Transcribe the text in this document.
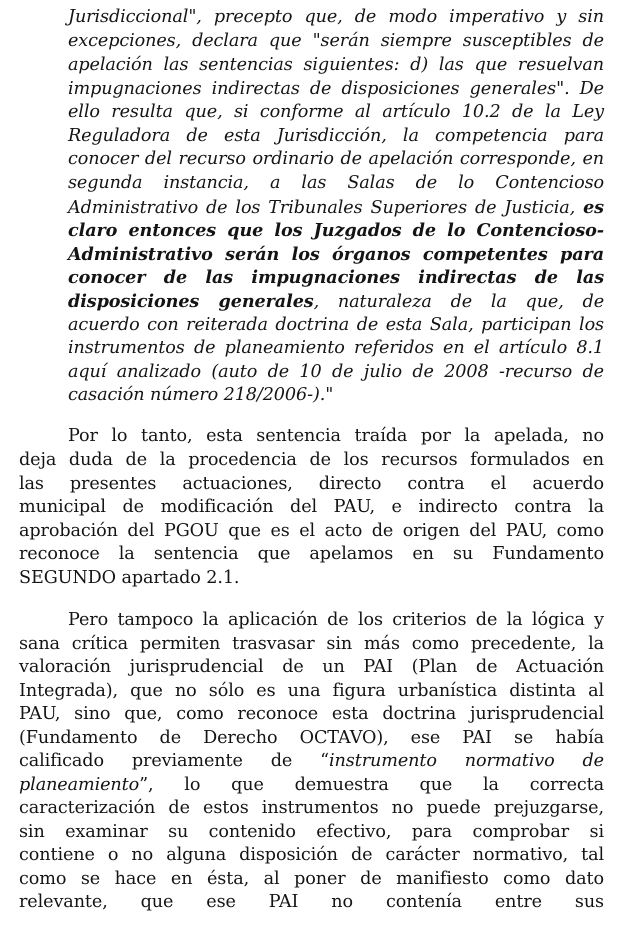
Jurisdiccional", precepto que, de modo imperativo y sin

excepciones, declara que "serán siempre susceptibles de

apelación las sentencias siguientes: d) las que resuelvan

impugnaciones indirectas de disposiciones generales". De

ello resulta que, si conforme al artículo 10.2 de la Ley

Reguladora de esta Jurisdicción, la competencia para

conocer del recurso ordinario de apelación corresponde, en

segunda instancia, a las Salas de lo Contencioso

Administrativo de los Tribunales Superiores de Justicia, es

claro entonces que los Juzgados de lo Contencioso-

Administrativo serán los órganos competentes para

conocer de las impugnaciones indirectas de las

disposiciones generales, naturaleza de la que, de

acuerdo con reiterada doctrina de esta Sala, participan los

instrumentos de planeamiento referidos en el artículo 8.1

aquí analizado (auto de 10 de julio de 2008 -recurso de

casación número 218/2006-)."

Por lo tanto, esta sentencia traída por la apelada, no

deja duda de la procedencia de los recursos formulados en

las presentes actuaciones, directo contra el acuerdo

municipal de modificación del PAU, e indirecto contra la

aprobación del PGOU que es el acto de origen del PAU, como

reconoce la sentencia que apelamos en su Fundamento

SEGUNDO apartado 2.1.

Pero tampoco la aplicación de los criterios de la lógica y

sana crítica permiten trasvasar sin más como precedente, la

valoración jurisprudencial de un PAI (Plan de Actuación

Integrada), que no sólo es una figura urbanística distinta al

PAU, sino que, como reconoce esta doctrina jurisprudencial

(Fundamento de Derecho OCTAVO), ese PAI se había

calificado previamente de “instrumento normativo de

planeamiento”, lo que demuestra que la correcta

caracterización de estos instrumentos no puede prejuzgarse,

sin examinar su contenido efectivo, para comprobar si

contiene o no alguna disposición de carácter normativo, tal

como se hace en ésta, al poner de manifiesto como dato

relevante, que ese PAI no contenía entre sus
